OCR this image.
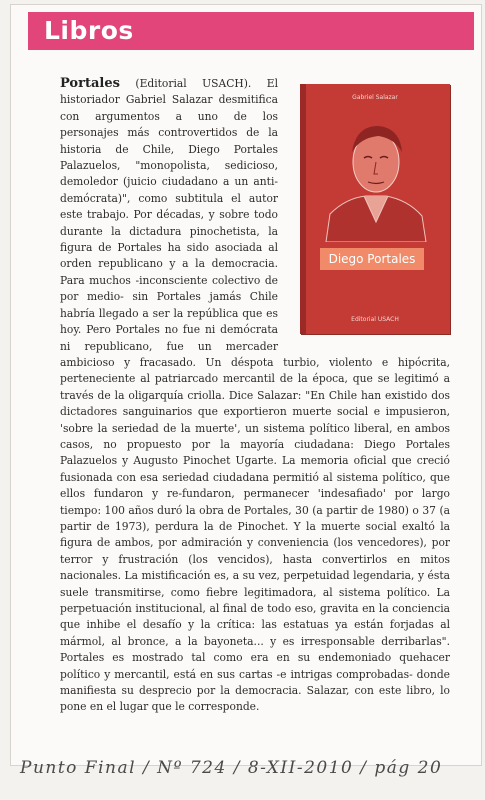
Libros
Portales (Editorial USACH). El historiador Gabriel Salazar desmitifica con argumentos a uno de los personajes más controvertidos de la historia de Chile, Diego Portales Palazuelos, "monopolista, sedicioso, demoledor (juicio ciudadano a un anti-demócrata)", como subtitula el autor este trabajo. Por décadas, y sobre todo durante la dictadura pinochetista, la figura de Portales ha sido asociada al orden republicano y a la democracia. Para muchos -inconsciente colectivo de por medio- sin Portales jamás Chile habría llegado a ser la república que es hoy. Pero Portales no fue ni demócrata ni republicano, fue un mercader ambicioso y fracasado. Un déspota turbio, violento e hipócrita, perteneciente al patriarcado mercantil de la época, que se legitimó a través de la oligarquía criolla. Dice Salazar: "En Chile han existido dos dictadores sanguinarios que exportieron muerte social e impusieron, 'sobre la seriedad de la muerte', un sistema político liberal, en ambos casos, no propuesto por la mayoría ciudadana: Diego Portales Palazuelos y Augusto Pinochet Ugarte. La memoria oficial que creció fusionada con esa seriedad ciudadana permitió al sistema político, que ellos fundaron y re-fundaron, permanecer 'indesafiado' por largo tiempo: 100 años duró la obra de Portales, 30 (a partir de 1980) o 37 (a partir de 1973), perdura la de Pinochet. Y la muerte social exaltó la figura de ambos, por admiración y conveniencia (los vencedores), por terror y frustración (los vencidos), hasta convertirlos en mitos nacionales. La mistificación es, a su vez, perpetuidad legendaria, y ésta suele transmitirse, como fiebre legitimadora, al sistema político. La perpetuación institucional, al final de todo eso, gravita en la conciencia que inhibe el desafío y la crítica: las estatuas ya están forjadas al mármol, al bronce, a la bayoneta... y es irresponsable derribarlas". Portales es mostrado tal como era en su endemoniado quehacer político y mercantil, está en sus cartas -e intrigas comprobadas- donde manifiesta su desprecio por la democracia. Salazar, con este libro, lo pone en el lugar que le corresponde.
Gabriel Salazar
Diego Portales
Editorial USACH
Punto Final / Nº 724 / 8-XII-2010 / pág 20
